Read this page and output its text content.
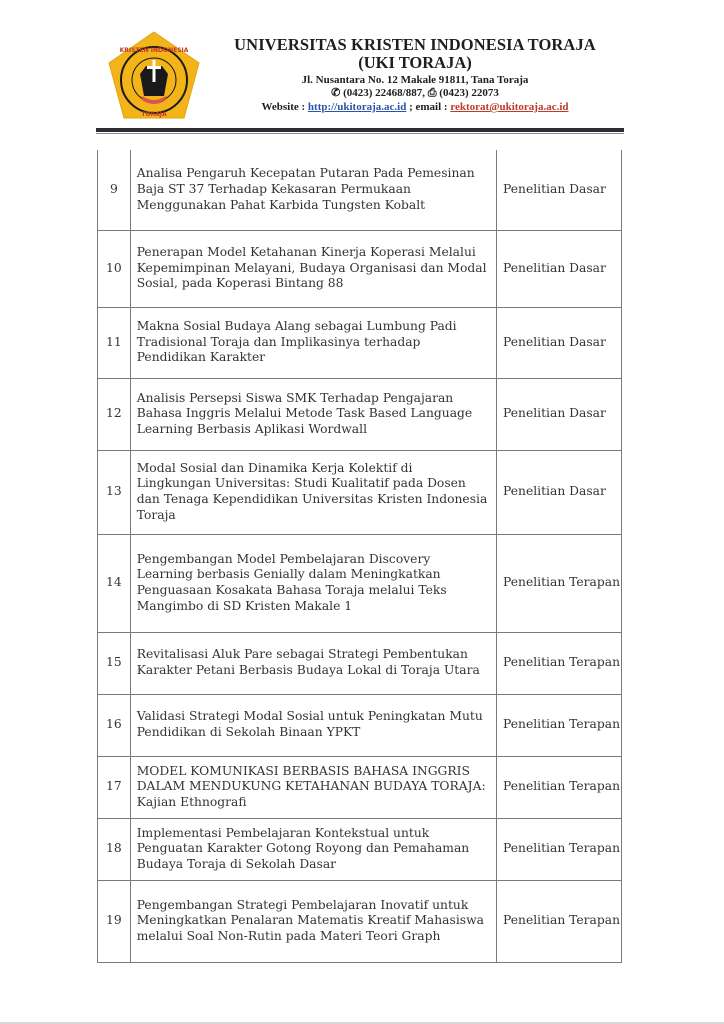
KRISTEN INDONESIA
TORAJA
UNIVERSITAS KRISTEN INDONESIA TORAJA
(UKI TORAJA)
Jl. Nusantara No. 12 Makale 91811, Tana Toraja
✆ (0423) 22468/887, ⎙ (0423) 22073
Website : http://ukitoraja.ac.id ; email : rektorat@ukitoraja.ac.id
9	Analisa Pengaruh Kecepatan Putaran Pada Pemesinan Baja ST 37 Terhadap Kekasaran Permukaan Menggunakan Pahat Karbida Tungsten Kobalt	Penelitian Dasar
10	Penerapan Model Ketahanan Kinerja Koperasi Melalui Kepemimpinan Melayani, Budaya Organisasi dan Modal Sosial, pada Koperasi Bintang 88	Penelitian Dasar
11	Makna Sosial Budaya Alang sebagai Lumbung Padi Tradisional Toraja dan Implikasinya terhadap Pendidikan Karakter	Penelitian Dasar
12	Analisis Persepsi Siswa SMK Terhadap Pengajaran Bahasa Inggris Melalui Metode Task Based Language Learning Berbasis Aplikasi Wordwall	Penelitian Dasar
13	Modal Sosial dan Dinamika Kerja Kolektif di Lingkungan Universitas: Studi Kualitatif pada Dosen dan Tenaga Kependidikan Universitas Kristen Indonesia Toraja	Penelitian Dasar
14	Pengembangan Model Pembelajaran Discovery Learning berbasis Genially dalam Meningkatkan Penguasaan Kosakata Bahasa Toraja melalui Teks Mangimbo di SD Kristen Makale 1	Penelitian Terapan
15	Revitalisasi Aluk Pare sebagai Strategi Pembentukan Karakter Petani Berbasis Budaya Lokal di Toraja Utara	Penelitian Terapan
16	Validasi Strategi Modal Sosial untuk Peningkatan Mutu Pendidikan di Sekolah Binaan YPKT	Penelitian Terapan
17	MODEL KOMUNIKASI BERBASIS BAHASA INGGRIS DALAM MENDUKUNG KETAHANAN BUDAYA TORAJA: Kajian Ethnografi	Penelitian Terapan
18	Implementasi Pembelajaran Kontekstual untuk Penguatan Karakter Gotong Royong dan Pemahaman Budaya Toraja di Sekolah Dasar	Penelitian Terapan
19	Pengembangan Strategi Pembelajaran Inovatif untuk Meningkatkan Penalaran Matematis Kreatif Mahasiswa melalui Soal Non-Rutin pada Materi Teori Graph	Penelitian Terapan
